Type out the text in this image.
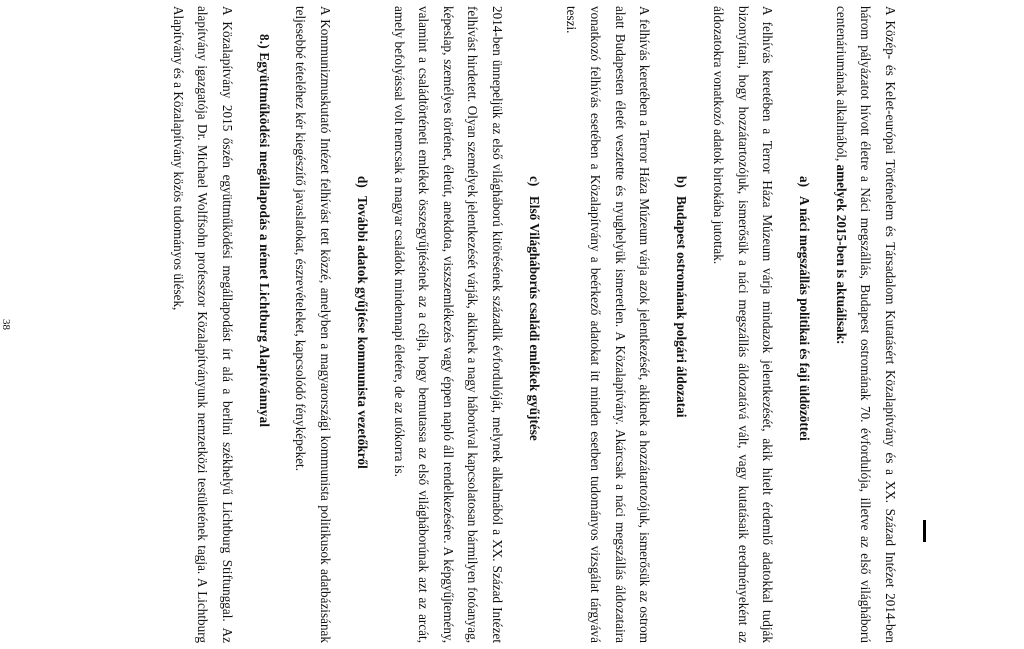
A Közép- és Kelet-európai Történelem és Társadalom Kutatásért Közalapítvány és a XX. Század Intézet 2014-ben három pályázatot hívott életre a Náci megszállás, Budapest ostromának 70. évfordulója, illetve az első világháború centenáriumának alkalmából, amelyek 2015-ben is aktuálisak:

a)
A náci megszállás politikai és faji üldözöttei

A felhívás keretében a Terror Háza Múzeum várja mindazok jelentkezését, akik hitelt érdemlő adatokkal tudják bizonyítani, hogy hozzátartozójuk, ismerősük a náci megszállás áldozatává vált, vagy kutatásaik eredményeként az áldozatokra vonatkozó adatok birtokába jutottak.

b)
Budapest ostromának polgári áldozatai

A felhívás keretében a Terror Háza Múzeum várja azok jelentkezését, akiknek a hozzátartozójuk, ismerősük az ostrom alatt Budapesten életét vesztette és nyughelyük ismeretlen. A Közalapítvány. Akárcsak a náci megszállás áldozataira vonatkozó felhívás esetében a Közalapítvány a beérkező adatokat itt minden esetben tudományos vizsgálat tárgyává teszi.

c)
Első Világháborús családi emlékek gyűjtése

2014-ben ünnepeljük az első világháború kitörésének századik évfordulóját, melynek alkalmából a XX. Század Intézet felhívást hirdetett. Olyan személyek jelentkezését várják, akiknek a nagy háborúval kapcsolatosan bármilyen fotóanyag, képeslap, személyes történet, életút, anekdota, viszszemlékezés vagy éppen napló áll rendelkezésére. A képgyűjtemény, valamint a családtörténeti emlékek összegyűjtésének az a célja, hogy bemutassa az első világháborúnak azt az arcát, amely befolyással volt nemcsak a magyar családok mindennapi életére, de az utókorra is.

d)
További adatok gyűjtése kommunista vezetőkről

A Kommunizmuskutató Intézet felhívást tett közzé, amelyben a magyarországi kommunista politikusok adatbázisának teljesebbé tételéhez kér kiegészítő javaslatokat, észrevételeket, kapcsolódó fényképeket.

8.) Együttműködési megállapodás a német Lichtburg Alapítvánnyal

A Közalapítvány 2015 őszén együttműködési megállapodást írt alá a berlini székhelyű Lichtburg Stiftunggal. Az alapítvány igazgatója Dr. Michael Wolffsohn professzor Közalapítványunk nemzetközi testületének tagja. A Lichtburg Alapítvány és a Közalapítvány közös tudományos ülések,

38
